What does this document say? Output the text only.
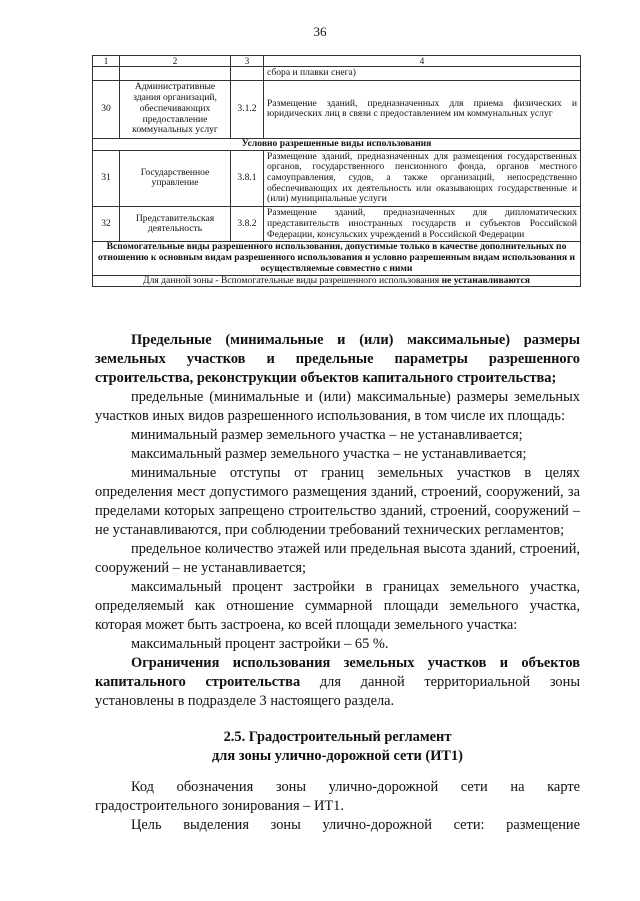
36
1	2	3	4
			сбора и плавки снега)
30	Административные здания организаций, обеспечивающих предоставление коммунальных услуг	3.1.2	Размещение зданий, предназначенных для приема физических и юридических лиц в связи с предоставлением им коммунальных услуг
Условно разрешенные виды использования			
31	Государственное управление	3.8.1	Размещение зданий, предназначенных для размещения государственных органов, государственного пенсионного фонда, органов местного самоуправления, судов, а также организаций, непосредственно обеспечивающих их деятельность или оказывающих государственные и (или) муниципальные услуги
32	Представительская деятельность	3.8.2	Размещение зданий, предназначенных для дипломатических представительств иностранных государств и субъектов Российской Федерации, консульских учреждений в Российской Федерации
Вспомогательные виды разрешенного использования, допустимые только в качестве дополнительных по отношению к основным видам разрешенного использования и условно разрешенным видам использования и осуществляемые совместно с ними			
Для данной зоны - Вспомогательные виды разрешенного использования не устанавливаются			

Предельные (минимальные и (или) максимальные) размеры земельных участков и предельные параметры разрешенного строительства, реконструкции объектов капитального строительства;

предельные (минимальные и (или) максимальные) размеры земельных участков иных видов разрешенного использования, в том числе их площадь:

минимальный размер земельного участка – не устанавливается;

максимальный размер земельного участка – не устанавливается;

минимальные отступы от границ земельных участков в целях определения мест допустимого размещения зданий, строений, сооружений, за пределами которых запрещено строительство зданий, строений, сооружений – не устанавливаются, при соблюдении требований технических регламентов;

предельное количество этажей или предельная высота зданий, строений, сооружений – не устанавливается;

максимальный процент застройки в границах земельного участка, определяемый как отношение суммарной площади земельного участка, которая может быть застроена, ко всей площади земельного участка:

максимальный процент застройки – 65 %.

Ограничения использования земельных участков и объектов капитального строительства для данной территориальной зоны установлены в подразделе 3 настоящего раздела.

2.5. Градостроительный регламент

для зоны улично-дорожной сети (ИТ1)

Код обозначения зоны улично-дорожной сети на карте градостроительного зонирования – ИТ1.

Цель выделения зоны улично-дорожной сети: размещение
